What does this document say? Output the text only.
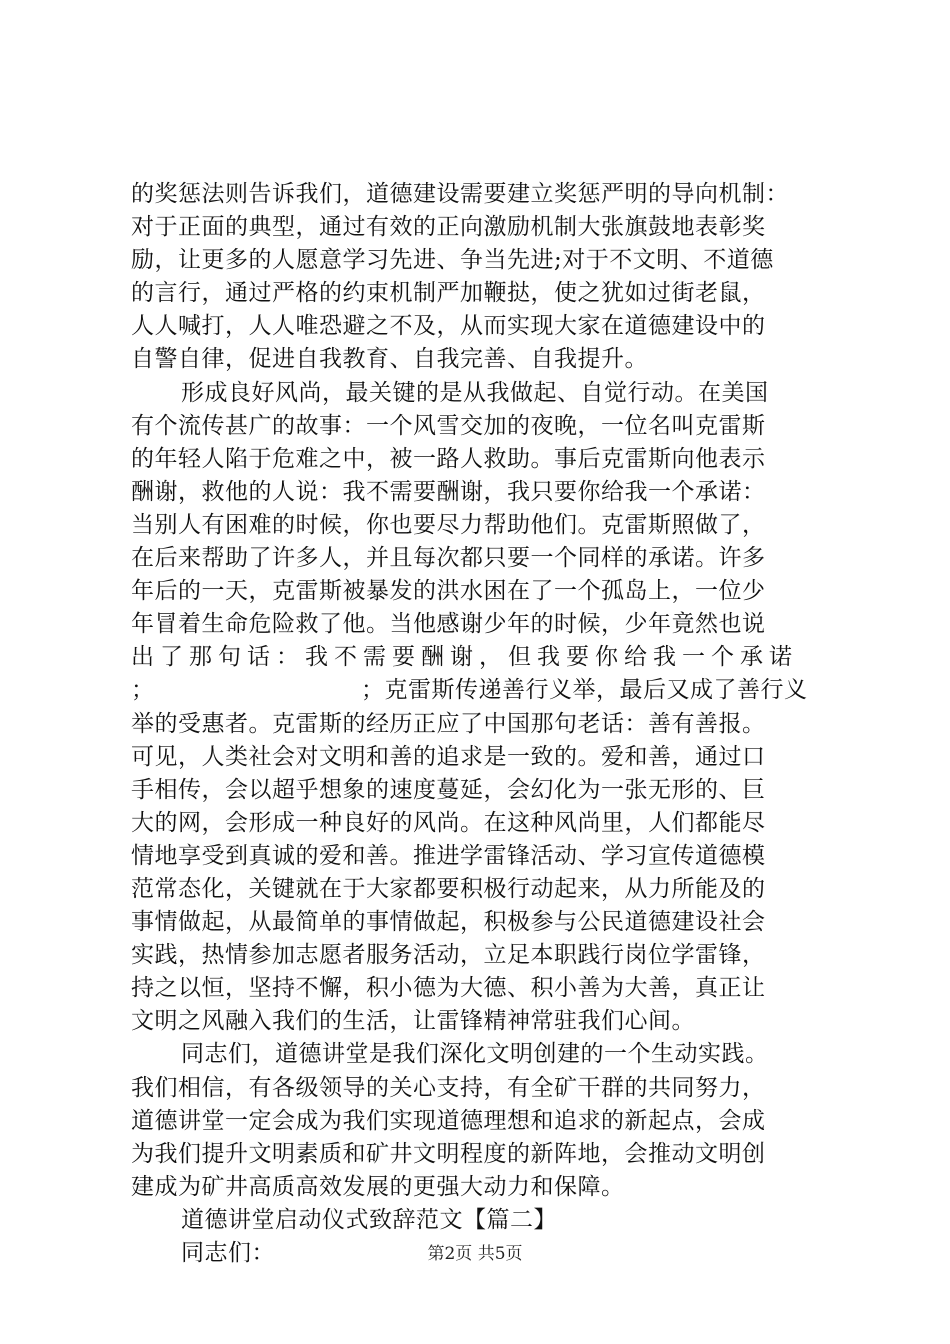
的奖惩法则告诉我们，道德建设需要建立奖惩严明的导向机制：
对于正面的典型，通过有效的正向激励机制大张旗鼓地表彰奖
励，让更多的人愿意学习先进、争当先进;对于不文明、不道德
的言行，通过严格的约束机制严加鞭挞，使之犹如过街老鼠，
人人喊打，人人唯恐避之不及，从而实现大家在道德建设中的
自警自律，促进自我教育、自我完善、自我提升。
形成良好风尚，最关键的是从我做起、自觉行动。在美国
有个流传甚广的故事：一个风雪交加的夜晚，一位名叫克雷斯
的年轻人陷于危难之中，被一路人救助。事后克雷斯向他表示
酬谢，救他的人说：我不需要酬谢，我只要你给我一个承诺：
当别人有困难的时候，你也要尽力帮助他们。克雷斯照做了，
在后来帮助了许多人，并且每次都只要一个同样的承诺。许多
年后的一天，克雷斯被暴发的洪水困在了一个孤岛上，一位少
年冒着生命危险救了他。当他感谢少年的时候，少年竟然也说
出了那句话：我不需要酬谢，但我要你给我一个承诺
；	；克雷斯传递善行义举，最后又成了善行义
举的受惠者。克雷斯的经历正应了中国那句老话：善有善报。
可见，人类社会对文明和善的追求是一致的。爱和善，通过口
手相传，会以超乎想象的速度蔓延，会幻化为一张无形的、巨
大的网，会形成一种良好的风尚。在这种风尚里，人们都能尽
情地享受到真诚的爱和善。推进学雷锋活动、学习宣传道德模
范常态化，关键就在于大家都要积极行动起来，从力所能及的
事情做起，从最简单的事情做起，积极参与公民道德建设社会
实践，热情参加志愿者服务活动，立足本职践行岗位学雷锋，
持之以恒，坚持不懈，积小德为大德、积小善为大善，真正让
文明之风融入我们的生活，让雷锋精神常驻我们心间。
同志们，道德讲堂是我们深化文明创建的一个生动实践。
我们相信，有各级领导的关心支持，有全矿干群的共同努力，
道德讲堂一定会成为我们实现道德理想和追求的新起点，会成
为我们提升文明素质和矿井文明程度的新阵地，会推动文明创
建成为矿井高质高效发展的更强大动力和保障。
道德讲堂启动仪式致辞范文【篇二】
同志们：	第2页 共5页
